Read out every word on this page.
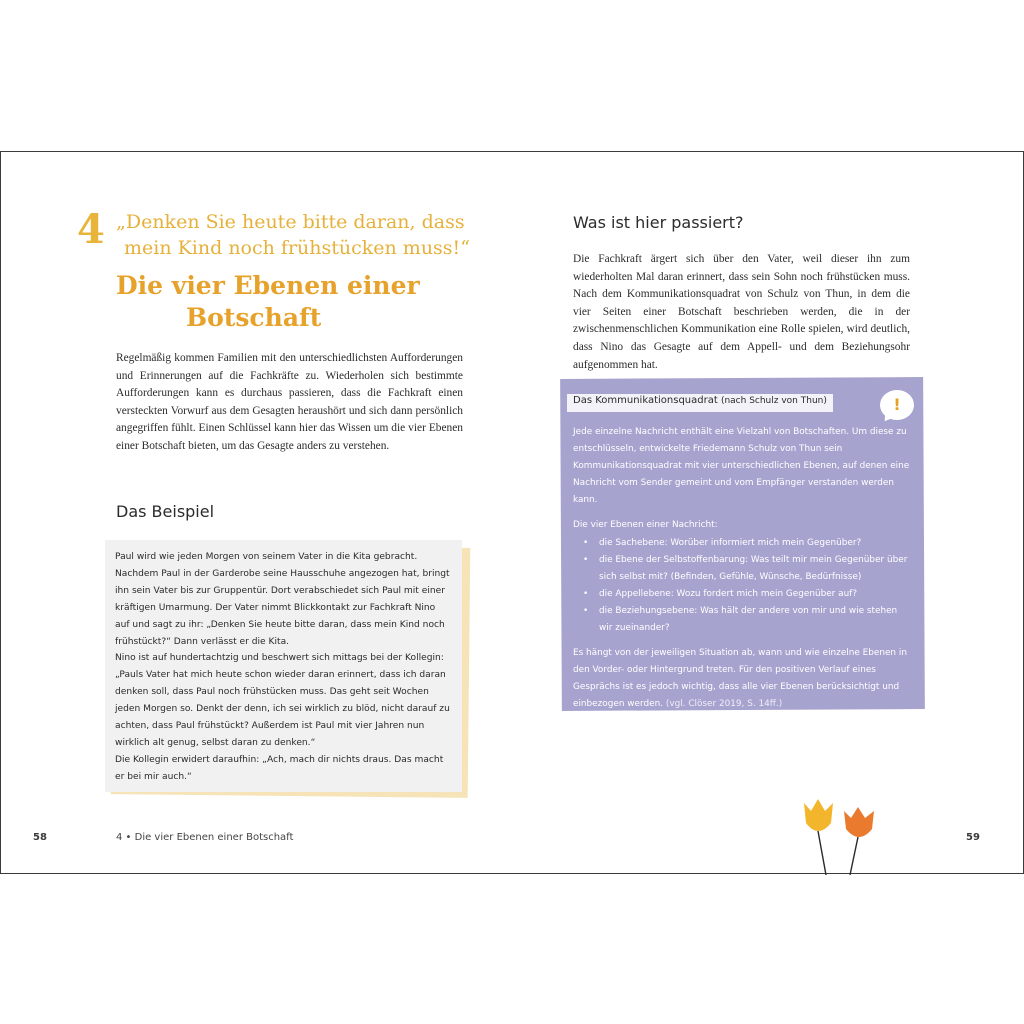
4 „Denken Sie heute bitte daran, dass
mein Kind noch frühstücken muss!“
Die vier Ebenen einer
Botschaft

Regelmäßig kommen Familien mit den unterschiedlichsten Aufforderungen und Erinnerungen auf die Fachkräfte zu. Wiederholen sich bestimmte Aufforderungen kann es durchaus passieren, dass die Fachkraft einen versteckten Vorwurf aus dem Gesagten heraushört und sich dann persönlich angegriffen fühlt. Einen Schlüssel kann hier das Wissen um die vier Ebenen einer Botschaft bieten, um das Gesagte anders zu verstehen.

Das Beispiel

Paul wird wie jeden Morgen von seinem Vater in die Kita gebracht. Nachdem Paul in der Garderobe seine Hausschuhe angezogen hat, bringt ihn sein Vater bis zur Gruppentür. Dort verabschiedet sich Paul mit einer kräftigen Umarmung. Der Vater nimmt Blickkontakt zur Fachkraft Nino auf und sagt zu ihr: „Denken Sie heute bitte daran, dass mein Kind noch frühstückt?“ Dann verlässt er die Kita.

Nino ist auf hundertachtzig und beschwert sich mittags bei der Kollegin: „Pauls Vater hat mich heute schon wieder daran erinnert, dass ich daran denken soll, dass Paul noch frühstücken muss. Das geht seit Wochen jeden Morgen so. Denkt der denn, ich sei wirklich zu blöd, nicht darauf zu achten, dass Paul frühstückt? Außerdem ist Paul mit vier Jahren nun wirklich alt genug, selbst daran zu denken.“

Die Kollegin erwidert daraufhin: „Ach, mach dir nichts draus. Das macht er bei mir auch.“

58	4 • Die vier Ebenen einer Botschaft
Was ist hier passiert?

Die Fachkraft ärgert sich über den Vater, weil dieser ihn zum wiederholten Mal daran erinnert, dass sein Sohn noch frühstücken muss. Nach dem Kommunikationsquadrat von Schulz von Thun, in dem die vier Seiten einer Botschaft beschrieben werden, die in der zwischenmenschlichen Kommunikation eine Rolle spielen, wird deutlich, dass Nino das Gesagte auf dem Appell- und dem Beziehungsohr aufgenommen hat.

Das Kommunikationsquadrat (nach Schulz von Thun)	!

Jede einzelne Nachricht enthält eine Vielzahl von Botschaften. Um diese zu entschlüsseln, entwickelte Friedemann Schulz von Thun sein Kommunikationsquadrat mit vier unterschiedlichen Ebenen, auf denen eine Nachricht vom Sender gemeint und vom Empfänger verstanden werden kann.

Die vier Ebenen einer Nachricht:

• die Sachebene: Worüber informiert mich mein Gegenüber?
• die Ebene der Selbstoffenbarung: Was teilt mir mein Gegenüber über sich selbst mit? (Befinden, Gefühle, Wünsche, Bedürfnisse)
• die Appellebene: Wozu fordert mich mein Gegenüber auf?
• die Beziehungsebene: Was hält der andere von mir und wie stehen wir zueinander?

Es hängt von der jeweiligen Situation ab, wann und wie einzelne Ebenen in den Vorder- oder Hintergrund treten. Für den positiven Verlauf eines Gesprächs ist es jedoch wichtig, dass alle vier Ebenen berücksichtigt und einbezogen werden. (vgl. Clöser 2019, S. 14ff.)

59
